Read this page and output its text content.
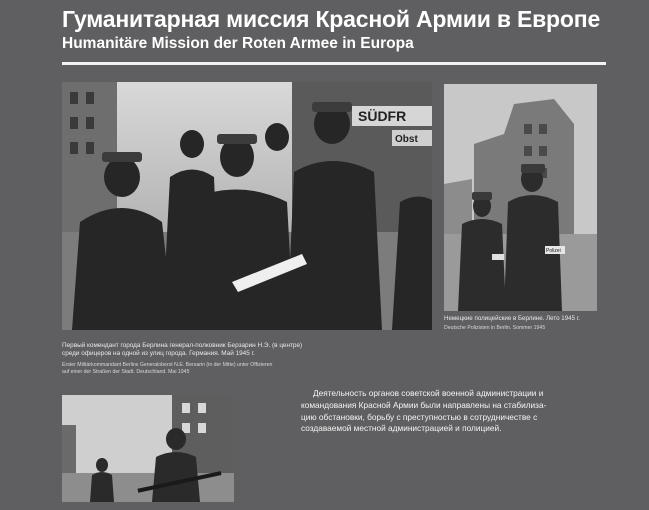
Гуманитарная миссия Красной Армии в Европе
Humanitäre Mission der Roten Armee in Europa
SÜDFR
Obst
Первый комендант города Берлина генерал-полковник Берзарин Н.Э. (в центре)
среди офицеров на одной из улиц города. Германия. Май 1945 г.
Erster Militärkommandant Berlins Generaloberst N.E. Bersarin (in der Mitte) unter Offizieren
auf einer der Straßen der Stadt. Deutschland. Mai 1945
Polizei
Немецкие полицейские в Берлине. Лето 1945 г.
Deutsche Polizisten in Berlin. Sommer 1945
Деятельность органов советской военной администрации и
командования Красной Армии были направлены на стабилиза-
цию обстановки, борьбу с преступностью в сотрудничестве с
создаваемой местной администрацией и полицией.
